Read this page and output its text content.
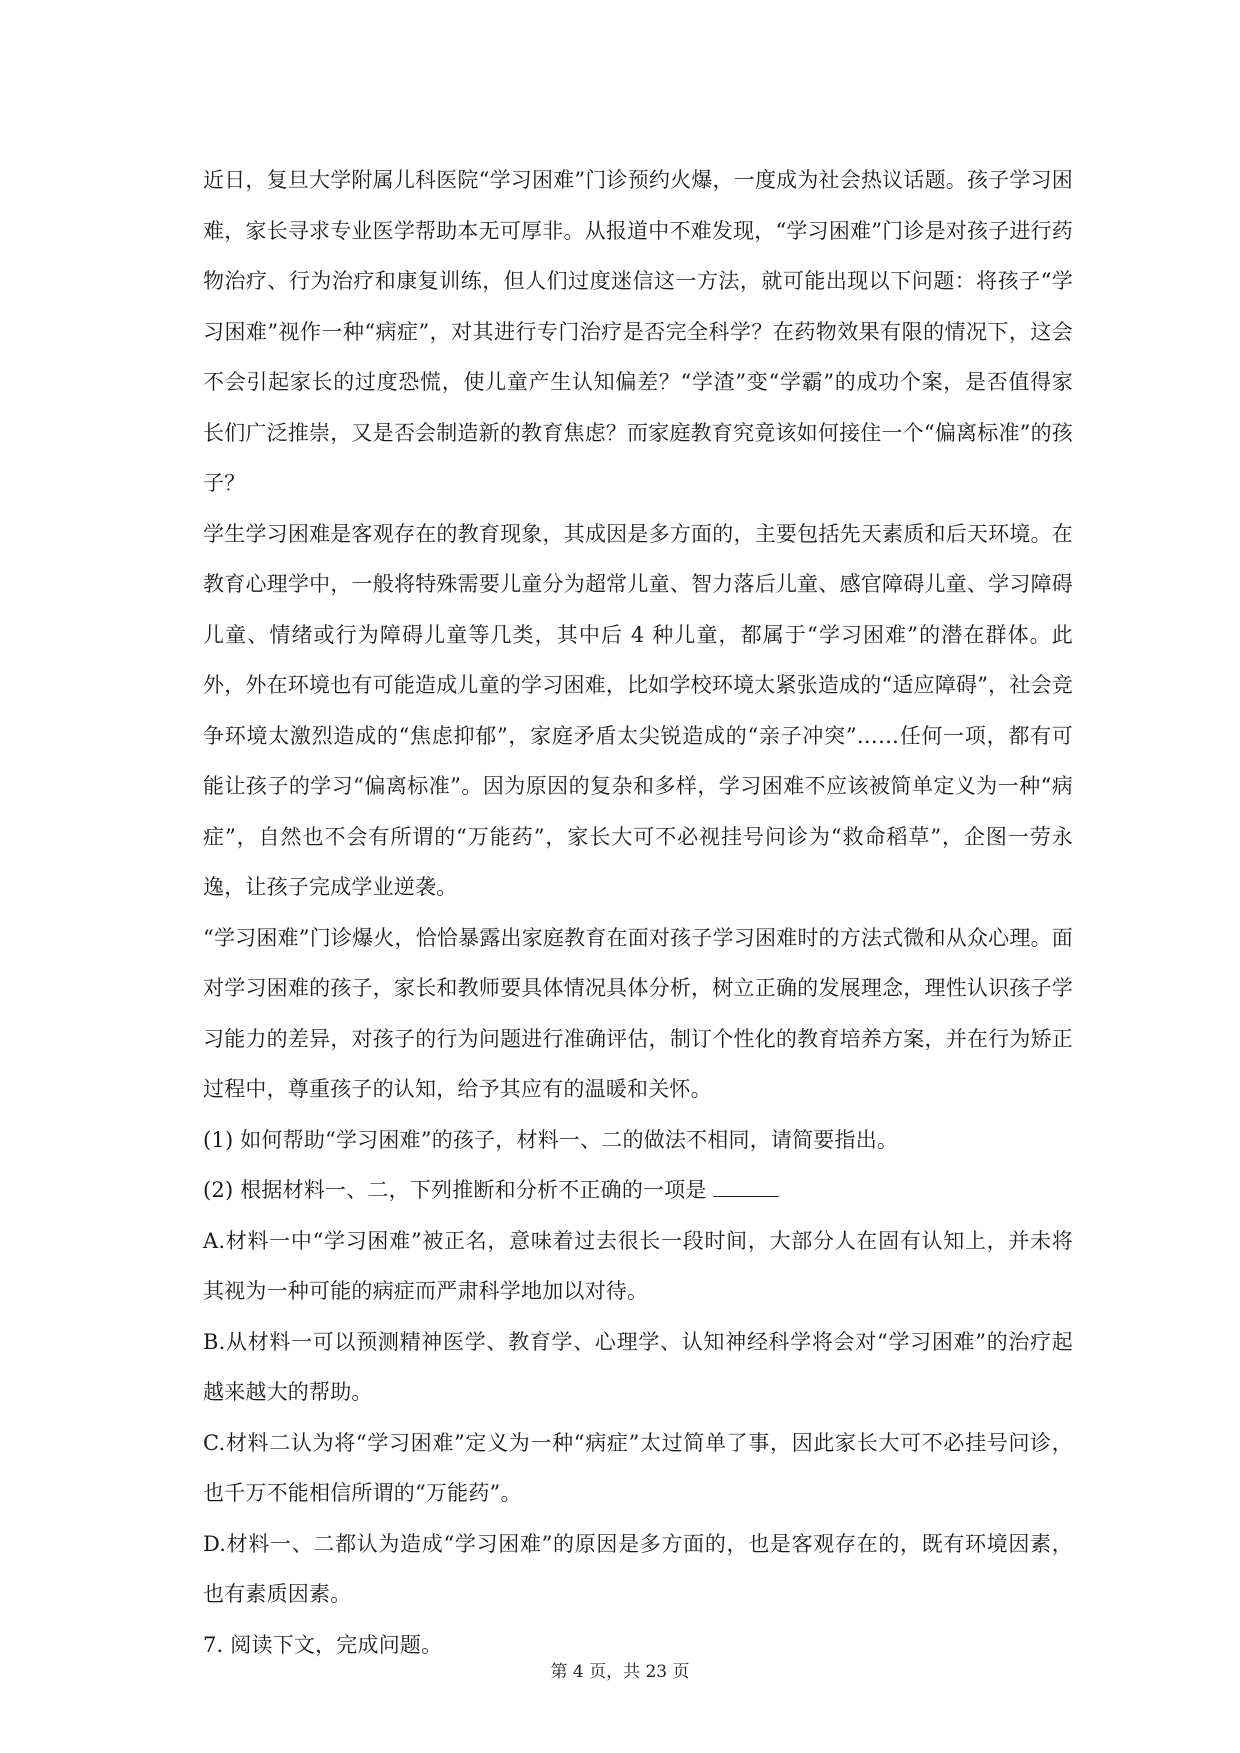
近日，复旦大学附属儿科医院“学习困难”门诊预约火爆，一度成为社会热议话题。孩子学习困难，家长寻求专业医学帮助本无可厚非。从报道中不难发现，“学习困难”门诊是对孩子进行药物治疗、行为治疗和康复训练，但人们过度迷信这一方法，就可能出现以下问题：将孩子“学习困难”视作一种“病症”，对其进行专门治疗是否完全科学？在药物效果有限的情况下，这会不会引起家长的过度恐慌，使儿童产生认知偏差？“学渣”变“学霸”的成功个案，是否值得家长们广泛推崇，又是否会制造新的教育焦虑？而家庭教育究竟该如何接住一个“偏离标准”的孩子？

学生学习困难是客观存在的教育现象，其成因是多方面的，主要包括先天素质和后天环境。在教育心理学中，一般将特殊需要儿童分为超常儿童、智力落后儿童、感官障碍儿童、学习障碍儿童、情绪或行为障碍儿童等几类，其中后 4 种儿童，都属于“学习困难”的潜在群体。此外，外在环境也有可能造成儿童的学习困难，比如学校环境太紧张造成的“适应障碍”，社会竞争环境太激烈造成的“焦虑抑郁”，家庭矛盾太尖锐造成的“亲子冲突”……任何一项，都有可能让孩子的学习“偏离标准”。因为原因的复杂和多样，学习困难不应该被简单定义为一种“病症”，自然也不会有所谓的“万能药”，家长大可不必视挂号问诊为“救命稻草”，企图一劳永逸，让孩子完成学业逆袭。

“学习困难”门诊爆火，恰恰暴露出家庭教育在面对孩子学习困难时的方法式微和从众心理。面对学习困难的孩子，家长和教师要具体情况具体分析，树立正确的发展理念，理性认识孩子学习能力的差异，对孩子的行为问题进行准确评估，制订个性化的教育培养方案，并在行为矫正过程中，尊重孩子的认知，给予其应有的温暖和关怀。

(1) 如何帮助“学习困难”的孩子，材料一、二的做法不相同，请简要指出。

(2) 根据材料一、二，下列推断和分析不正确的一项是

A.材料一中“学习困难”被正名，意味着过去很长一段时间，大部分人在固有认知上，并未将其视为一种可能的病症而严肃科学地加以对待。

B.从材料一可以预测精神医学、教育学、心理学、认知神经科学将会对“学习困难”的治疗起越来越大的帮助。

C.材料二认为将“学习困难”定义为一种“病症”太过简单了事，因此家长大可不必挂号问诊，也千万不能相信所谓的“万能药”。

D.材料一、二都认为造成“学习困难”的原因是多方面的，也是客观存在的，既有环境因素，也有素质因素。

7. 阅读下文，完成问题。

第 4 页，共 23 页
